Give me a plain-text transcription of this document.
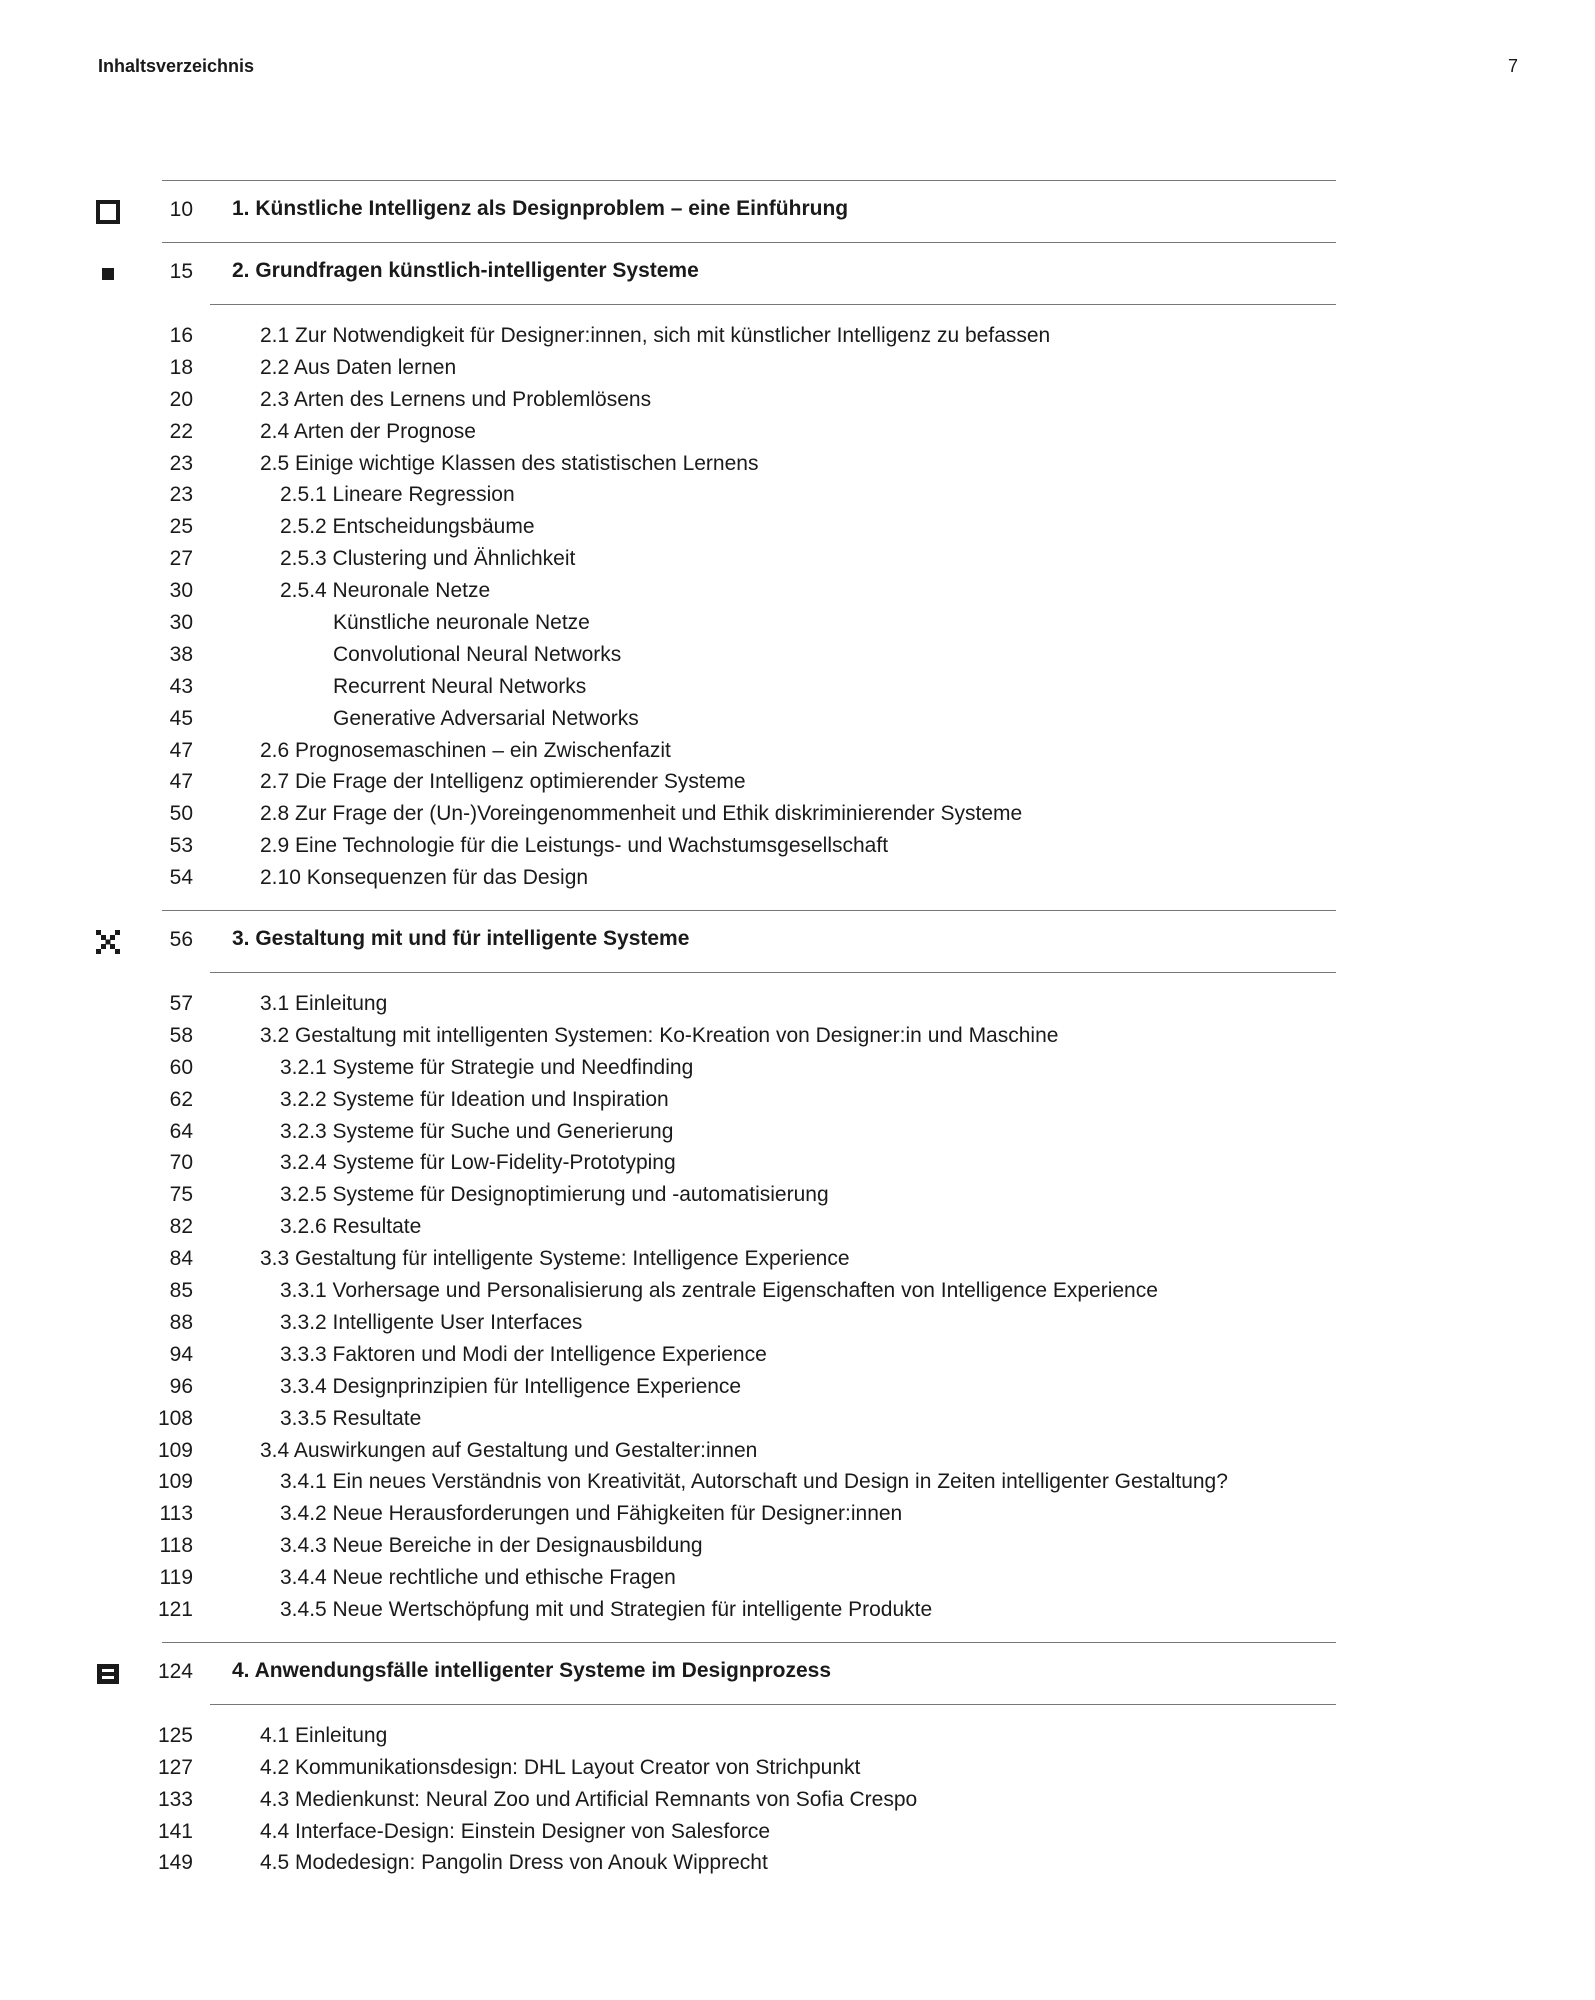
Inhaltsverzeichnis	7
10 1. Künstliche Intelligenz als Designproblem – eine Einführung
15 2. Grundfragen künstlich-intelligenter Systeme
16	2.1 Zur Notwendigkeit für Designer:innen, sich mit künstlicher Intelligenz zu befassen
18	2.2 Aus Daten lernen
20	2.3 Arten des Lernens und Problemlösens
22	2.4 Arten der Prognose
23	2.5 Einige wichtige Klassen des statistischen Lernens
23	2.5.1 Lineare Regression
25	2.5.2 Entscheidungsbäume
27	2.5.3 Clustering und Ähnlichkeit
30	2.5.4 Neuronale Netze
30	Künstliche neuronale Netze
38	Convolutional Neural Networks
43	Recurrent Neural Networks
45	Generative Adversarial Networks
47	2.6 Prognosemaschinen – ein Zwischenfazit
47	2.7 Die Frage der Intelligenz optimierender Systeme
50	2.8 Zur Frage der (Un-)Voreingenommenheit und Ethik diskriminierender Systeme
53	2.9 Eine Technologie für die Leistungs- und Wachstumsgesellschaft
54	2.10 Konsequenzen für das Design
56 3. Gestaltung mit und für intelligente Systeme
57	3.1 Einleitung
58	3.2 Gestaltung mit intelligenten Systemen: Ko-Kreation von Designer:in und Maschine
60	3.2.1 Systeme für Strategie und Needfinding
62	3.2.2 Systeme für Ideation und Inspiration
64	3.2.3 Systeme für Suche und Generierung
70	3.2.4 Systeme für Low-Fidelity-Prototyping
75	3.2.5 Systeme für Designoptimierung und -automatisierung
82	3.2.6 Resultate
84	3.3 Gestaltung für intelligente Systeme: Intelligence Experience
85	3.3.1 Vorhersage und Personalisierung als zentrale Eigenschaften von Intelligence Experience
88	3.3.2 Intelligente User Interfaces
94	3.3.3 Faktoren und Modi der Intelligence Experience
96	3.3.4 Designprinzipien für Intelligence Experience
108	3.3.5 Resultate
109	3.4 Auswirkungen auf Gestaltung und Gestalter:innen
109	3.4.1 Ein neues Verständnis von Kreativität, Autorschaft und Design in Zeiten intelligenter Gestaltung?
113	3.4.2 Neue Herausforderungen und Fähigkeiten für Designer:innen
118	3.4.3 Neue Bereiche in der Designausbildung
119	3.4.4 Neue rechtliche und ethische Fragen
121	3.4.5 Neue Wertschöpfung mit und Strategien für intelligente Produkte
124 4. Anwendungsfälle intelligenter Systeme im Designprozess
125	4.1 Einleitung
127	4.2 Kommunikationsdesign: DHL Layout Creator von Strichpunkt
133	4.3 Medienkunst: Neural Zoo und Artificial Remnants von Sofia Crespo
141	4.4 Interface-Design: Einstein Designer von Salesforce
149	4.5 Modedesign: Pangolin Dress von Anouk Wipprecht
